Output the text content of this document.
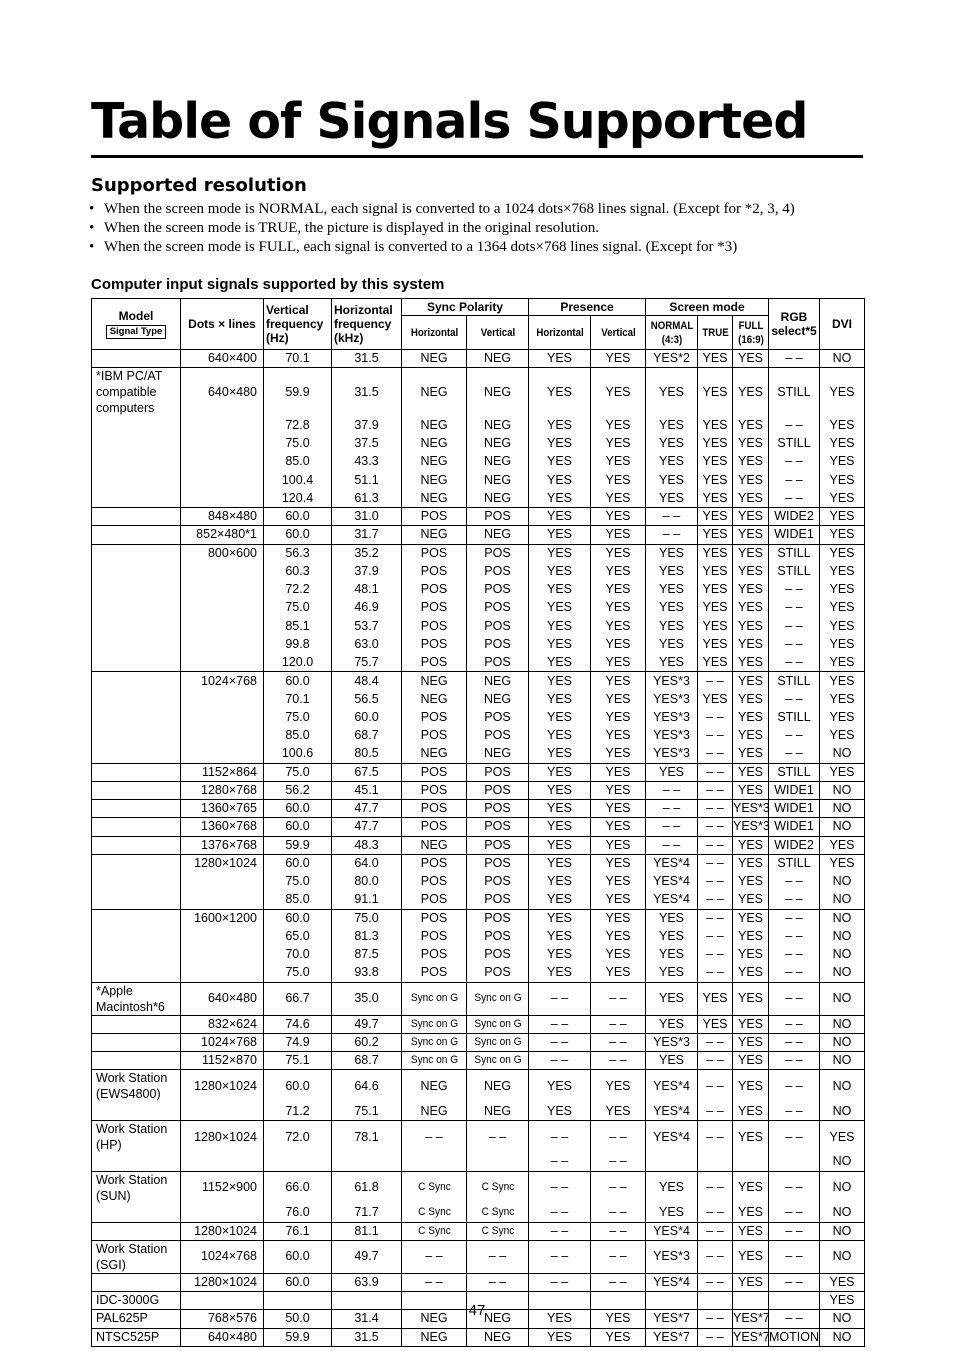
Table of Signals Supported
Supported resolution
• When the screen mode is NORMAL, each signal is converted to a 1024 dots×768 lines signal. (Except for *2, 3, 4)
• When the screen mode is TRUE, the picture is displayed in the original resolution.
• When the screen mode is FULL, each signal is converted to a 1364 dots×768 lines signal. (Except for *3)
Computer input signals supported by this system
Model
Signal Type	Dots × lines	Vertical frequency (Hz)	Horizontal frequency (kHz)	Sync Polarity		Presence		Screen mode			RGB select*5	DVI
				Horizontal	Vertical	Horizontal	Vertical	NORMAL (4:3)	TRUE	FULL (16:9)		

	640×400	70.1	31.5	NEG	NEG	YES	YES	YES*2	YES	YES	– –	NO
*IBM PC/AT compatible computers	640×480	59.9	31.5	NEG	NEG	YES	YES	YES	YES	YES	STILL	YES
		72.8	37.9	NEG	NEG	YES	YES	YES	YES	YES	– –	YES
		75.0	37.5	NEG	NEG	YES	YES	YES	YES	YES	STILL	YES
		85.0	43.3	NEG	NEG	YES	YES	YES	YES	YES	– –	YES
		100.4	51.1	NEG	NEG	YES	YES	YES	YES	YES	– –	YES
		120.4	61.3	NEG	NEG	YES	YES	YES	YES	YES	– –	YES
	848×480	60.0	31.0	POS	POS	YES	YES	– –	YES	YES	WIDE2	YES
	852×480*1	60.0	31.7	NEG	NEG	YES	YES	– –	YES	YES	WIDE1	YES
	800×600	56.3	35.2	POS	POS	YES	YES	YES	YES	YES	STILL	YES
		60.3	37.9	POS	POS	YES	YES	YES	YES	YES	STILL	YES
		72.2	48.1	POS	POS	YES	YES	YES	YES	YES	– –	YES
		75.0	46.9	POS	POS	YES	YES	YES	YES	YES	– –	YES
		85.1	53.7	POS	POS	YES	YES	YES	YES	YES	– –	YES
		99.8	63.0	POS	POS	YES	YES	YES	YES	YES	– –	YES
		120.0	75.7	POS	POS	YES	YES	YES	YES	YES	– –	YES
	1024×768	60.0	48.4	NEG	NEG	YES	YES	YES*3	– –	YES	STILL	YES
		70.1	56.5	NEG	NEG	YES	YES	YES*3	YES	YES	– –	YES
		75.0	60.0	POS	POS	YES	YES	YES*3	– –	YES	STILL	YES
		85.0	68.7	POS	POS	YES	YES	YES*3	– –	YES	– –	YES
		100.6	80.5	NEG	NEG	YES	YES	YES*3	– –	YES	– –	NO
	1152×864	75.0	67.5	POS	POS	YES	YES	YES	– –	YES	STILL	YES
	1280×768	56.2	45.1	POS	POS	YES	YES	– –	– –	YES	WIDE1	NO
	1360×765	60.0	47.7	POS	POS	YES	YES	– –	– –	YES*3	WIDE1	NO
	1360×768	60.0	47.7	POS	POS	YES	YES	– –	– –	YES*3	WIDE1	NO
	1376×768	59.9	48.3	NEG	POS	YES	YES	– –	– –	YES	WIDE2	YES
	1280×1024	60.0	64.0	POS	POS	YES	YES	YES*4	– –	YES	STILL	YES
		75.0	80.0	POS	POS	YES	YES	YES*4	– –	YES	– –	NO
		85.0	91.1	POS	POS	YES	YES	YES*4	– –	YES	– –	NO
	1600×1200	60.0	75.0	POS	POS	YES	YES	YES	– –	YES	– –	NO
		65.0	81.3	POS	POS	YES	YES	YES	– –	YES	– –	NO
		70.0	87.5	POS	POS	YES	YES	YES	– –	YES	– –	NO
		75.0	93.8	POS	POS	YES	YES	YES	– –	YES	– –	NO
*Apple Macintosh*6	640×480	66.7	35.0	Sync on G	Sync on G	– –	– –	YES	YES	YES	– –	NO
	832×624	74.6	49.7	Sync on G	Sync on G	– –	– –	YES	YES	YES	– –	NO
	1024×768	74.9	60.2	Sync on G	Sync on G	– –	– –	YES*3	– –	YES	– –	NO
	1152×870	75.1	68.7	Sync on G	Sync on G	– –	– –	YES	– –	YES	– –	NO
Work Station (EWS4800)	1280×1024	60.0	64.6	NEG	NEG	YES	YES	YES*4	– –	YES	– –	NO
		71.2	75.1	NEG	NEG	YES	YES	YES*4	– –	YES	– –	NO
Work Station (HP)	1280×1024	72.0	78.1	– –	– –	– –	– –	YES*4	– –	YES	– –	YES
						– –	– –					NO
Work Station (SUN)	1152×900	66.0	61.8	C Sync	C Sync	– –	– –	YES	– –	YES	– –	NO
		76.0	71.7	C Sync	C Sync	– –	– –	YES	– –	YES	– –	NO
	1280×1024	76.1	81.1	C Sync	C Sync	– –	– –	YES*4	– –	YES	– –	NO
Work Station (SGI)	1024×768	60.0	49.7	– –	– –	– –	– –	YES*3	– –	YES	– –	NO
	1280×1024	60.0	63.9	– –	– –	– –	– –	YES*4	– –	YES	– –	YES
IDC-3000G												YES
PAL625P	768×576	50.0	31.4	NEG	NEG	YES	YES	YES*7	– –	YES*7	– –	NO
NTSC525P	640×480	59.9	31.5	NEG	NEG	YES	YES	YES*7	– –	YES*7	MOTION	NO
47
